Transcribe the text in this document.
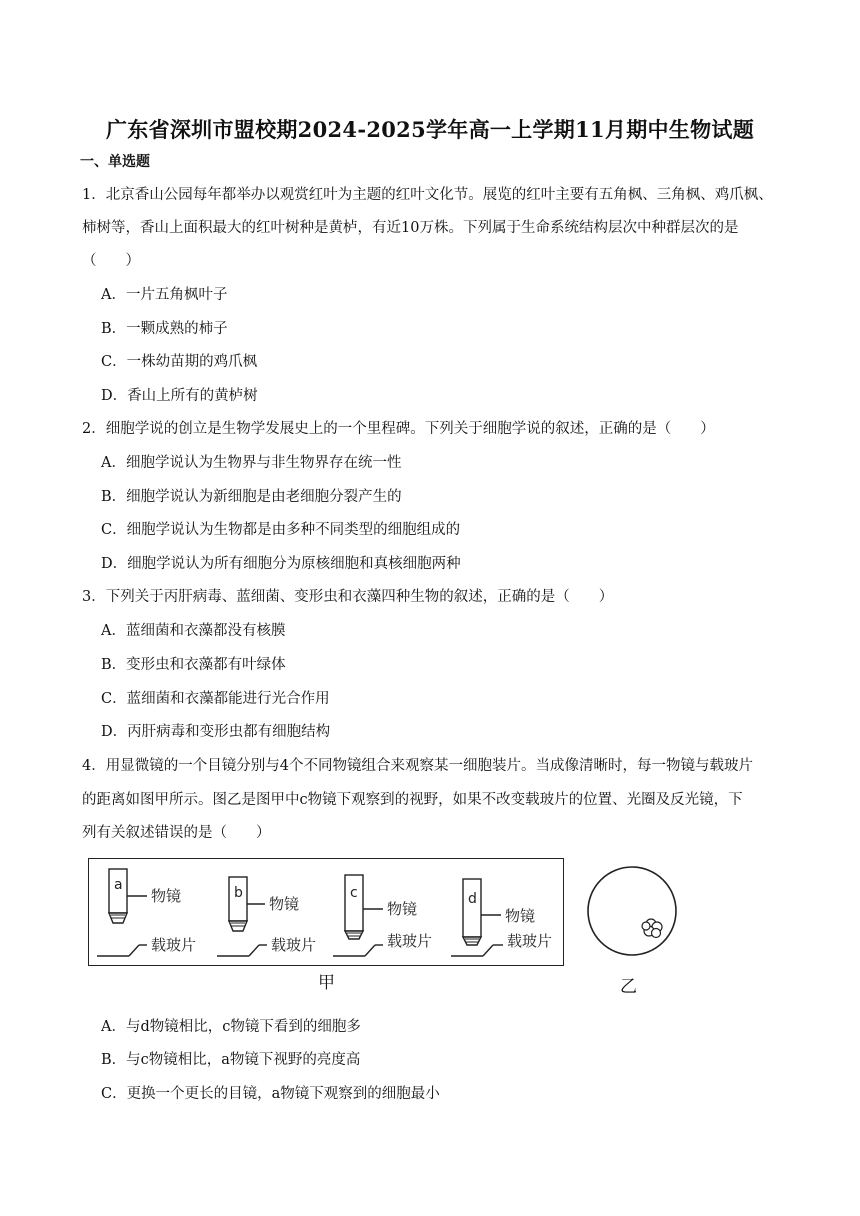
广东省深圳市盟校期2024-2025学年高一上学期11月期中生物试题
一、单选题
1．北京香山公园每年都举办以观赏红叶为主题的红叶文化节。展览的红叶主要有五角枫、三角枫、鸡爪枫、
柿树等，香山上面积最大的红叶树种是黄栌，有近10万株。下列属于生命系统结构层次中种群层次的是
（　　）
A．一片五角枫叶子
B．一颗成熟的柿子
C．一株幼苗期的鸡爪枫
D．香山上所有的黄栌树
2．细胞学说的创立是生物学发展史上的一个里程碑。下列关于细胞学说的叙述，正确的是（　　）
A．细胞学说认为生物界与非生物界存在统一性
B．细胞学说认为新细胞是由老细胞分裂产生的
C．细胞学说认为生物都是由多种不同类型的细胞组成的
D．细胞学说认为所有细胞分为原核细胞和真核细胞两种
3．下列关于丙肝病毒、蓝细菌、变形虫和衣藻四种生物的叙述，正确的是（　　）
A．蓝细菌和衣藻都没有核膜
B．变形虫和衣藻都有叶绿体
C．蓝细菌和衣藻都能进行光合作用
D．丙肝病毒和变形虫都有细胞结构
4．用显微镜的一个目镜分别与4个不同物镜组合来观察某一细胞装片。当成像清晰时，每一物镜与载玻片
的距离如图甲所示。图乙是图甲中c物镜下观察到的视野，如果不改变载玻片的位置、光圈及反光镜，下
列有关叙述错误的是（　　）
a
物镜
载玻片
b
物镜
载玻片
c
物镜
载玻片
d
物镜
载玻片
甲	乙
A．与d物镜相比，c物镜下看到的细胞多
B．与c物镜相比，a物镜下视野的亮度高
C．更换一个更长的目镜，a物镜下观察到的细胞最小
